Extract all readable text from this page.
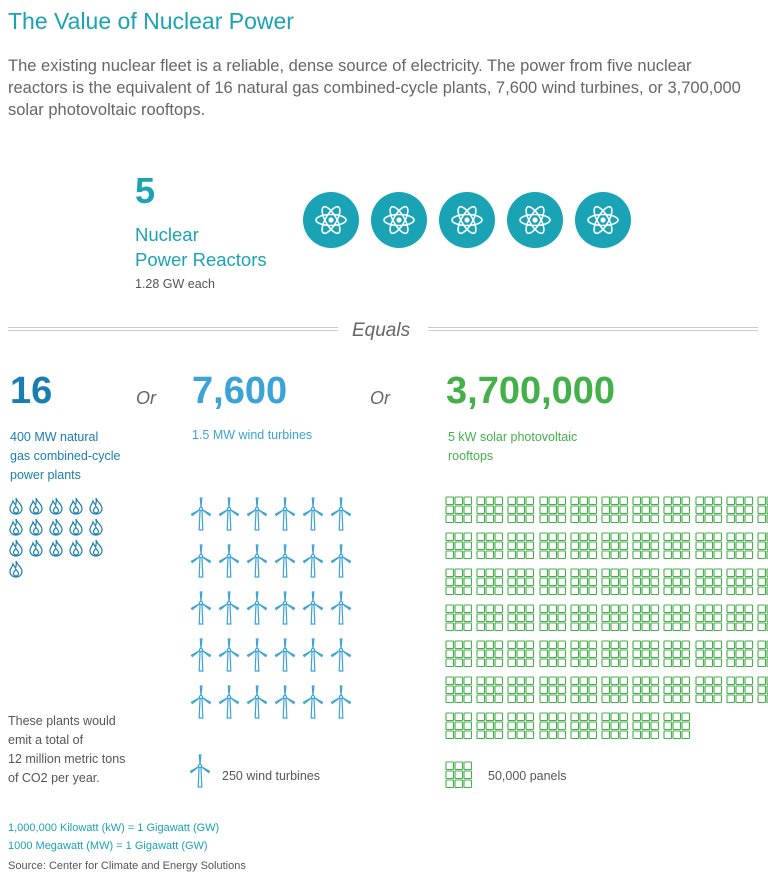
The Value of Nuclear Power
The existing nuclear fleet is a reliable, dense source of electricity. The power from five nuclear reactors is the equivalent of 16 natural gas combined-cycle plants, 7,600 wind turbines, or 3,700,000 solar photovoltaic rooftops.
5
Nuclear
Power Reactors
1.28 GW each
Equals
16	Or 7,600	Or 3,700,000
400 MW natural
gas combined-cycle
power plants
1.5 MW wind turbines	5 kW solar photovoltaic
rooftops
These plants would
emit a total of
12 million metric tons
of CO2 per year.	250 wind turbines	50,000 panels
1,000,000 Kilowatt (kW) = 1 Gigawatt (GW)
1000 Megawatt (MW) = 1 Gigawatt (GW)
Source: Center for Climate and Energy Solutions
